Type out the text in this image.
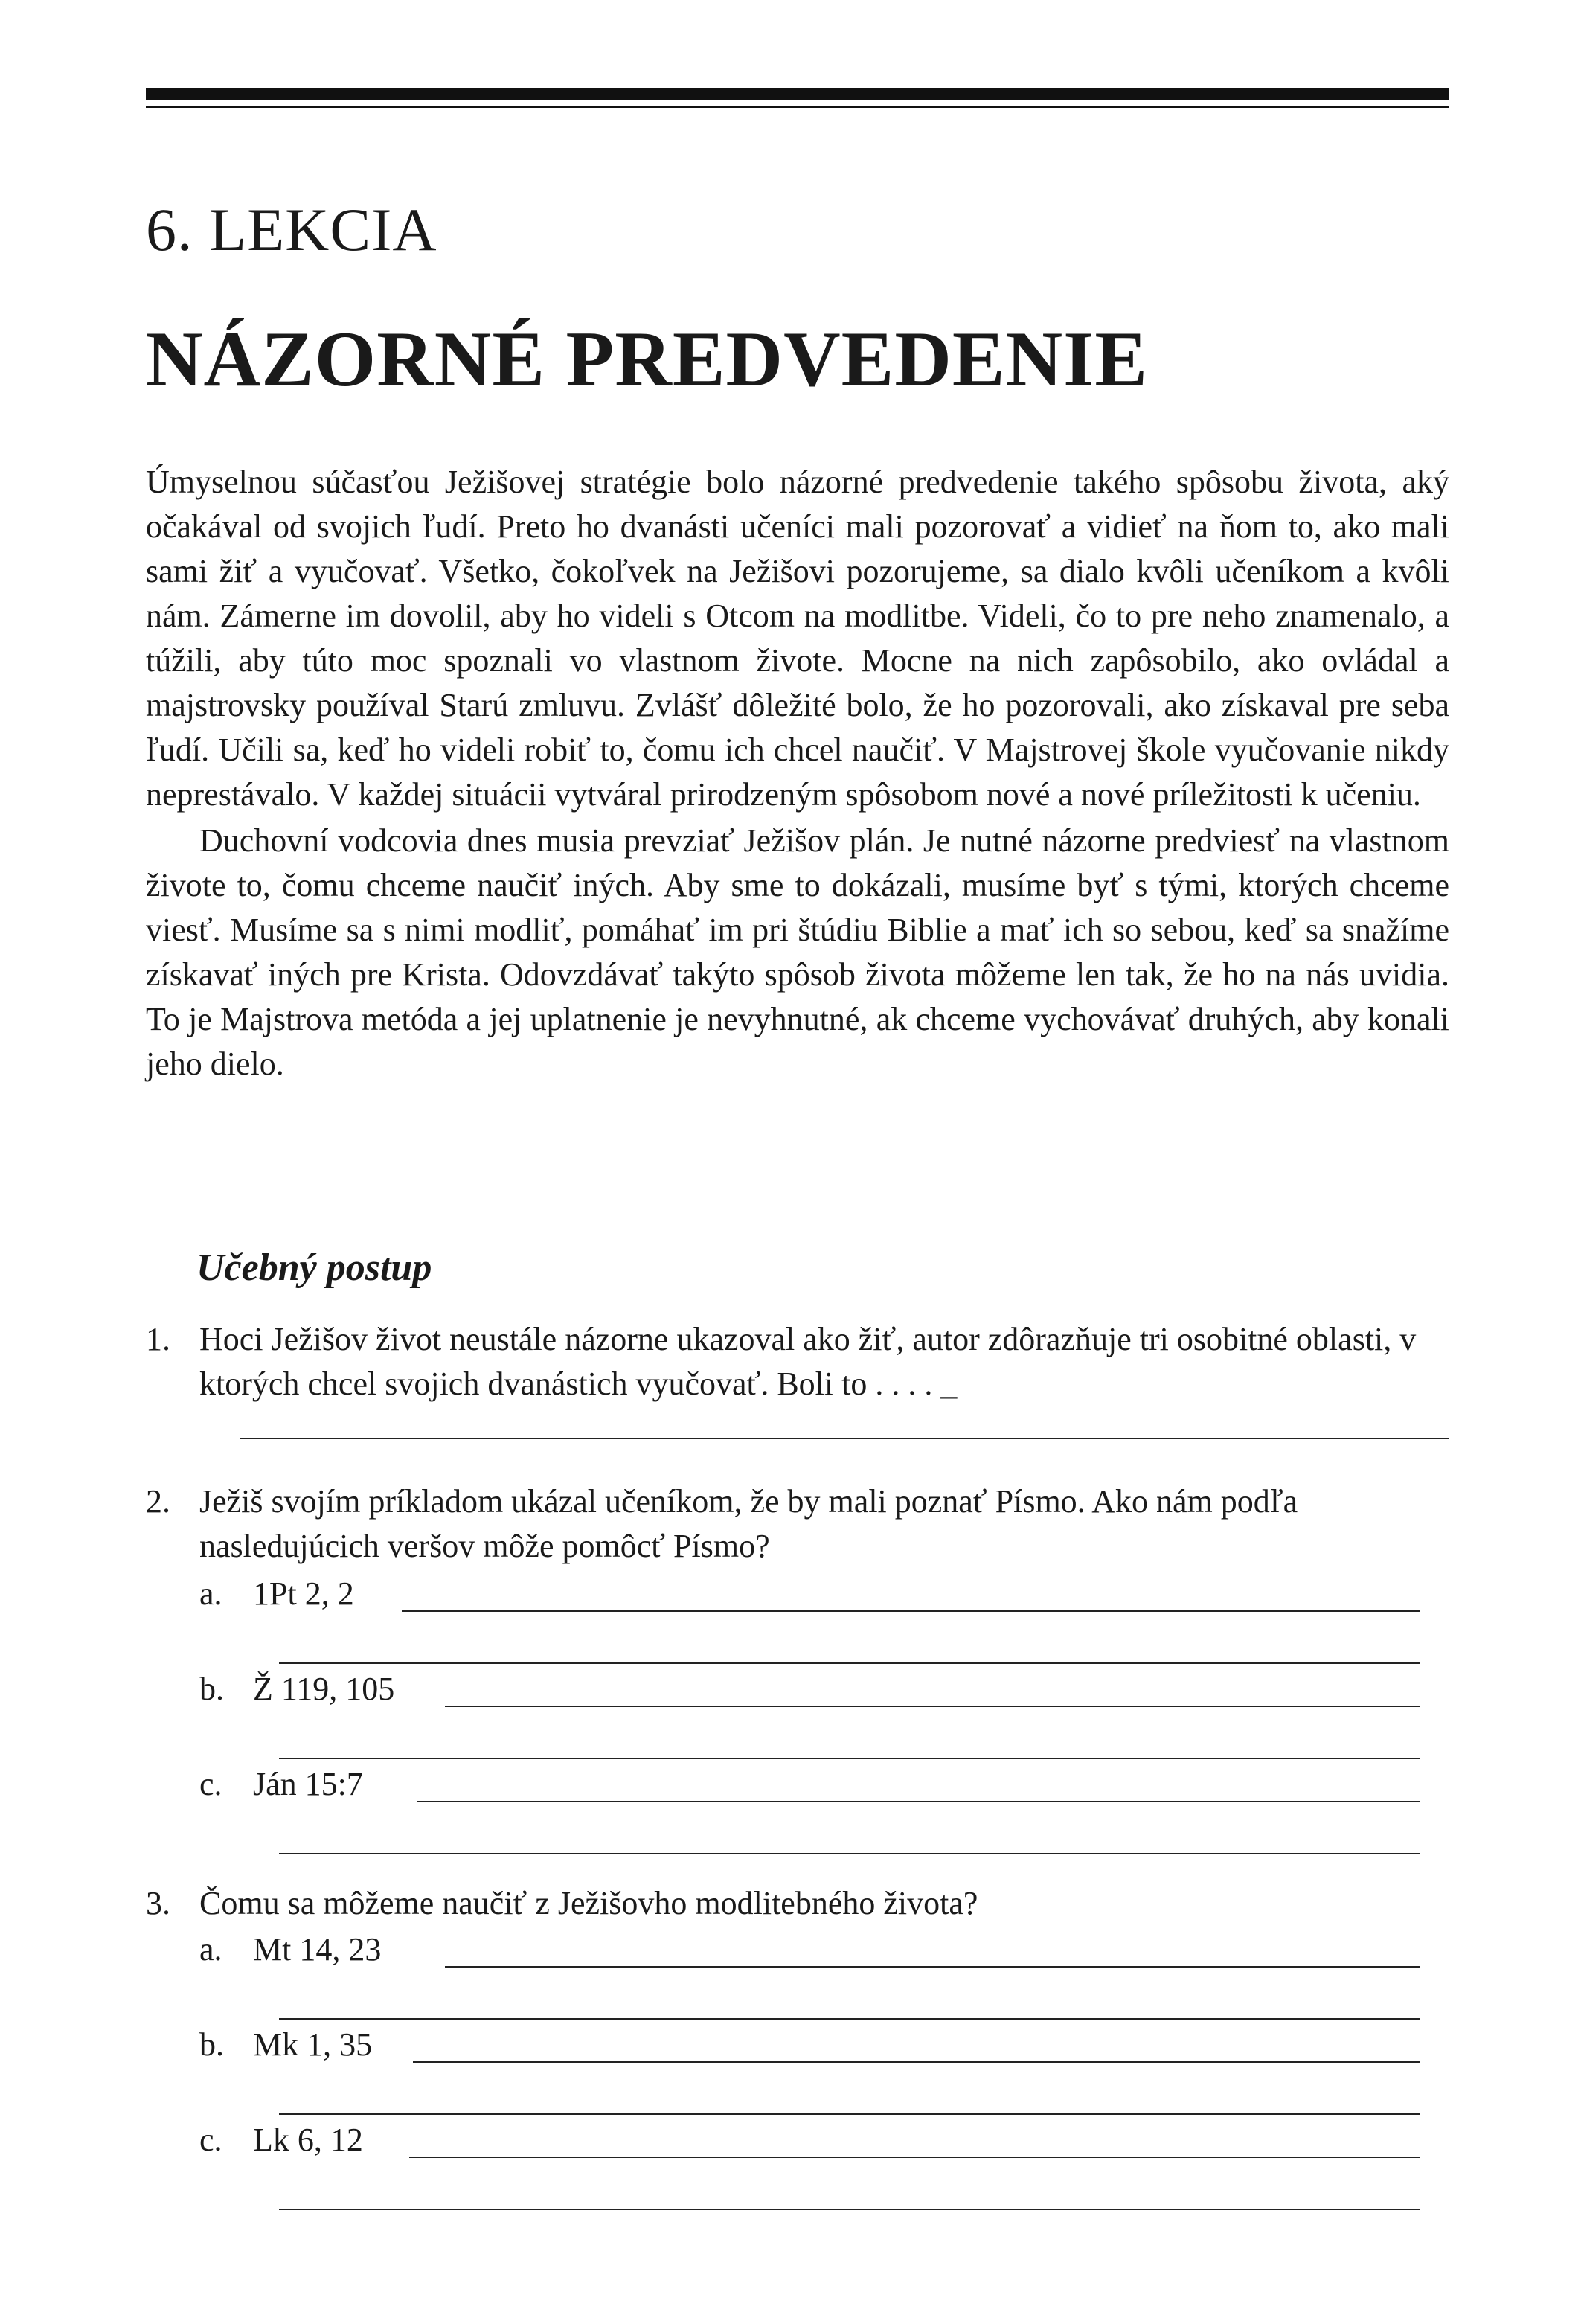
6. LEKCIA
NÁZORNÉ PREDVEDENIE

Úmyselnou súčasťou Ježišovej stratégie bolo názorné predvedenie takého spôsobu života, aký očakával od svojich ľudí. Preto ho dvanásti učeníci mali pozorovať a vidieť na ňom to, ako mali sami žiť a vyučovať. Všetko, čokoľvek na Ježišovi pozorujeme, sa dialo kvôli učeníkom a kvôli nám. Zámerne im dovolil, aby ho videli s Otcom na modlitbe. Videli, čo to pre neho znamenalo, a túžili, aby túto moc spoznali vo vlastnom živote. Mocne na nich zapôsobilo, ako ovládal a majstrovsky používal Starú zmluvu. Zvlášť dôležité bolo, že ho pozorovali, ako získaval pre seba ľudí. Učili sa, keď ho videli robiť to, čomu ich chcel naučiť. V Majstrovej škole vyučovanie nikdy neprestávalo. V každej situácii vytváral prirodzeným spôsobom nové a nové príležitosti k učeniu.

Duchovní vodcovia dnes musia prevziať Ježišov plán. Je nutné názorne predviesť na vlastnom živote to, čomu chceme naučiť iných. Aby sme to dokázali, musíme byť s tými, ktorých chceme viesť. Musíme sa s nimi modliť, pomáhať im pri štúdiu Biblie a mať ich so sebou, keď sa snažíme získavať iných pre Krista. Odovzdávať takýto spôsob života môžeme len tak, že ho na nás uvidia. To je Majstrova metóda a jej uplatnenie je nevyhnutné, ak chceme vychovávať druhých, aby konali jeho dielo.

Učebný postup
1. Hoci Ježišov život neustále názorne ukazoval ako žiť, autor zdôrazňuje tri osobitné oblasti, v ktorých chcel svojich dvanástich vyučovať. Boli to . . . . _
2. Ježiš svojím príkladom ukázal učeníkom, že by mali poznať Písmo. Ako nám podľa nasledujúcich veršov môže pomôcť Písmo?
a. 1Pt 2, 2
b. Ž 119, 105
c. Ján 15:7
3. Čomu sa môžeme naučiť z Ježišovho modlitebného života?
a. Mt 14, 23
b. Mk 1, 35
c. Lk 6, 12
